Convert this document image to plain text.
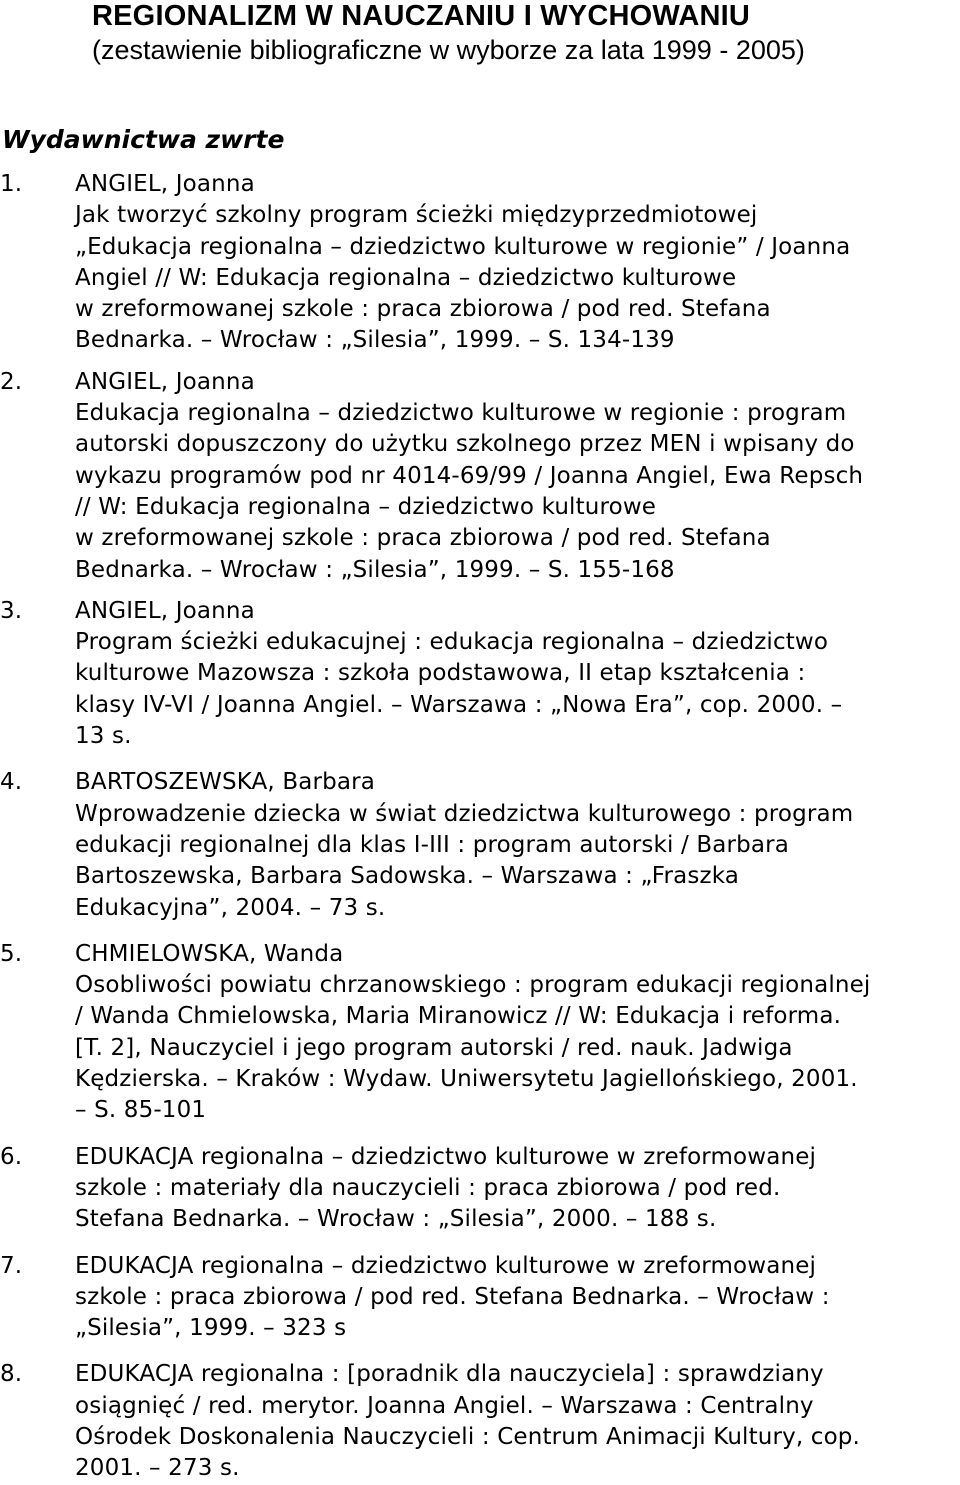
REGIONALIZM W NAUCZANIU I WYCHOWANIU
(zestawienie bibliograficzne w wyborze za lata 1999 - 2005)
Wydawnictwa zwrte
1.	ANGIEL, Joanna
Jak tworzyć szkolny program ścieżki międzyprzedmiotowej
„Edukacja regionalna – dziedzictwo kulturowe w regionie” / Joanna
Angiel // W: Edukacja regionalna – dziedzictwo kulturowe
w zreformowanej szkole : praca zbiorowa / pod red. Stefana
Bednarka. – Wrocław : „Silesia”, 1999. – S. 134-139
2.	ANGIEL, Joanna
Edukacja regionalna – dziedzictwo kulturowe w regionie : program
autorski dopuszczony do użytku szkolnego przez MEN i wpisany do
wykazu programów pod nr 4014-69/99 / Joanna Angiel, Ewa Repsch
// W: Edukacja regionalna – dziedzictwo kulturowe
w zreformowanej szkole : praca zbiorowa / pod red. Stefana
Bednarka. – Wrocław : „Silesia”, 1999. – S. 155-168
3.	ANGIEL, Joanna
Program ścieżki edukacujnej : edukacja regionalna – dziedzictwo
kulturowe Mazowsza : szkoła podstawowa, II etap kształcenia :
klasy IV-VI / Joanna Angiel. – Warszawa : „Nowa Era”, cop. 2000. –
13 s.
4.	BARTOSZEWSKA, Barbara
Wprowadzenie dziecka w świat dziedzictwa kulturowego : program
edukacji regionalnej dla klas I-III : program autorski / Barbara
Bartoszewska, Barbara Sadowska. – Warszawa : „Fraszka
Edukacyjna”, 2004. – 73 s.
5.	CHMIELOWSKA, Wanda
Osobliwości powiatu chrzanowskiego : program edukacji regionalnej
/ Wanda Chmielowska, Maria Miranowicz // W: Edukacja i reforma.
[T. 2], Nauczyciel i jego program autorski / red. nauk. Jadwiga
Kędzierska. – Kraków : Wydaw. Uniwersytetu Jagiellońskiego, 2001.
– S. 85-101
6.	EDUKACJA regionalna – dziedzictwo kulturowe w zreformowanej
szkole : materiały dla nauczycieli : praca zbiorowa / pod red.
Stefana Bednarka. – Wrocław : „Silesia”, 2000. – 188 s.
7.	EDUKACJA regionalna – dziedzictwo kulturowe w zreformowanej
szkole : praca zbiorowa / pod red. Stefana Bednarka. – Wrocław :
„Silesia”, 1999. – 323 s
8.	EDUKACJA regionalna : [poradnik dla nauczyciela] : sprawdziany
osiągnięć / red. merytor. Joanna Angiel. – Warszawa : Centralny
Ośrodek Doskonalenia Nauczycieli : Centrum Animacji Kultury, cop.
2001. – 273 s.
